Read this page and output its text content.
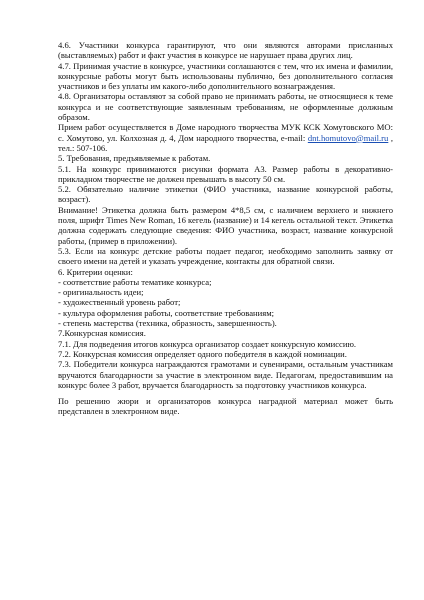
4.6. Участники конкурса гарантируют, что они являются авторами присланных (выставляемых) работ и факт участия в конкурсе не нарушает права других лиц.

4.7. Принимая участие в конкурсе, участники соглашаются с тем, что их имена и фамилии, конкурсные работы могут быть использованы публично, без дополнительного согласия участников и без уплаты им какого-либо дополнительного вознаграждения.

4.8. Организаторы оставляют за собой право не принимать работы, не относящиеся к теме конкурса и не соответствующие заявленным требованиям, не оформленные должным образом.

Прием работ осуществляется в Доме народного творчества МУК КСК Хомутовского МО: с. Хомутово, ул. Колхозная д. 4, Дом народного творчества, e-mail: dnt.homutovo@mail.ru , тел.: 507-106.

5. Требования, предъявляемые к работам.

5.1. На конкурс принимаются рисунки формата А3. Размер работы в декоративно-прикладном творчестве не должен превышать в высоту 50 см.

5.2. Обязательно наличие этикетки (ФИО участника, название конкурсной работы, возраст).

Внимание! Этикетка должна быть размером 4*8,5 см, с наличием верхнего и нижнего поля, шрифт Times New Roman, 16 кегель (название) и 14 кегель остальной текст. Этикетка должна содержать следующие сведения: ФИО участника, возраст, название конкурсной работы, (пример в приложении).

5.3. Если на конкурс детские работы подает педагог, необходимо заполнить заявку от своего имени на детей и указать учреждение, контакты для обратной связи.

6. Критерии оценки:

- соответствие работы тематике конкурса;

- оригинальность идеи;

- художественный уровень работ;

- культура оформления работы, соответствие требованиям;

- степень мастерства (техника, образность, завершенность).

7.Конкурсная комиссия.

7.1. Для подведения итогов конкурса организатор создает конкурсную комиссию.

7.2. Конкурсная комиссия определяет одного победителя в каждой номинации.

7.3. Победители конкурса награждаются грамотами и сувенирами, остальным участникам вручаются благодарности за участие в электронном виде. Педагогам, предоставившим на конкурс более 3 работ, вручается благодарность за подготовку участников конкурса.

По решению жюри и организаторов конкурса наградной материал может быть представлен в электронном виде.
